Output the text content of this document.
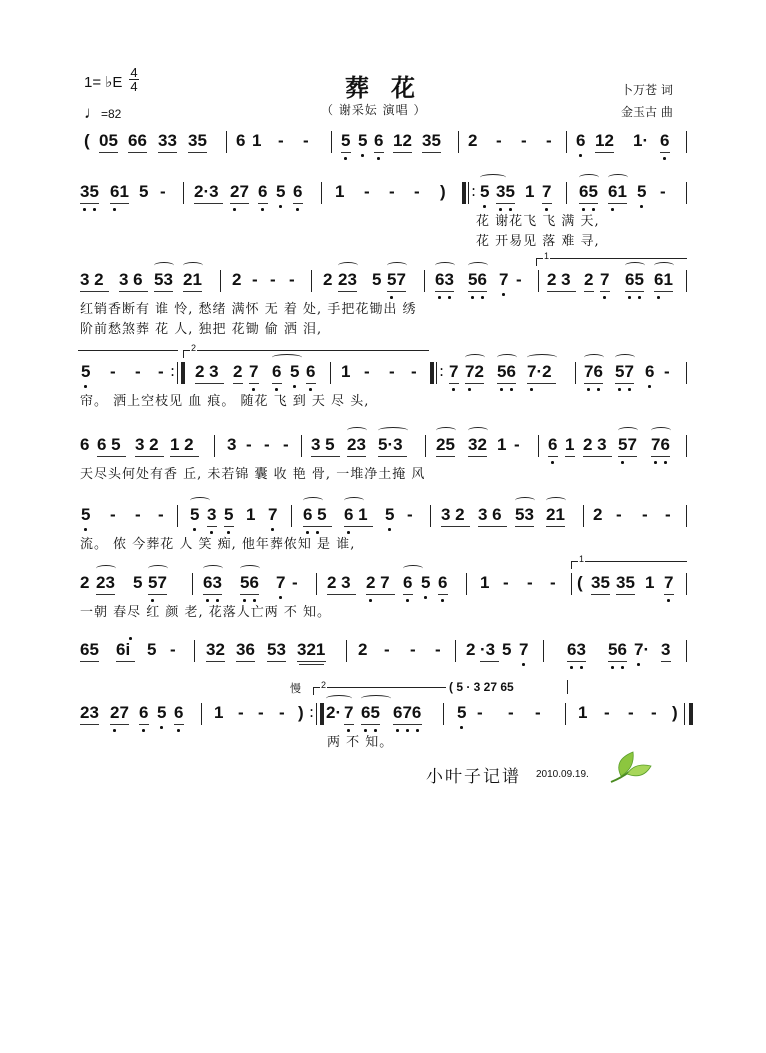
1= ♭E
4
4
♩=82
葬花
（ 谢采妘 演唱 ）
卜万苍 词
金玉古 曲
( 05 66 33 35 6 1 - - 5 5 6 12 35 2 - - - 6 12 1· 6
35 61 5 - 2·3 27 6 5 6 1 - - - ) : 5 35 1 7 65 61 5 -
花 谢花飞 飞 满 天,
花 开易见 落 难 寻,
3 2 3 6 53 21 2 - - - 2 23 5 57 63 56 7 - 2 3 2 7 65 61
1
红销香断有 谁 怜, 愁绪 满怀 无 着 处, 手把花锄出 绣
阶前愁煞葬 花 人, 独把 花锄 偷 洒 泪,
5 - - - : 2 3 2 7 6 5 6 1 - - - : 7 72 56 7·2 76 57 6 -
2
帘。 洒上空枝见 血 痕。 随花 飞 到 天 尽 头,
6 6 5 3 2 1 2 3 - - - 3 5 23 5·3 25 32 1 - 6 1 2 3 57 76
天尽头何处有香 丘, 未若锦 囊 收 艳 骨, 一堆净土掩 风
5 - - - 5 3 5 1 7 6 5 6 1 5 - 3 2 3 6 53 21 2 - - -
流。 侬 今葬花 人 笑 痴, 他年葬侬知 是 谁,
2 23 5 57 63 56 7 - 2 3 2 7 6 5 6 1 - - - ( 35 35 1 7
1
一朝 春尽 红 颜 老, 花落人亡两 不 知。
65 6i 5 - 32 36 53 321 2 - - - 2 ·3 5 7 63 56 7· 3
23 27 6 5 6 1 - - - ) : 2· 7 65 676 5 - - - 1 - - - )
2
慢	( 5 · 3 27 65
两 不 知。
小叶子记谱 2010.09.19.
